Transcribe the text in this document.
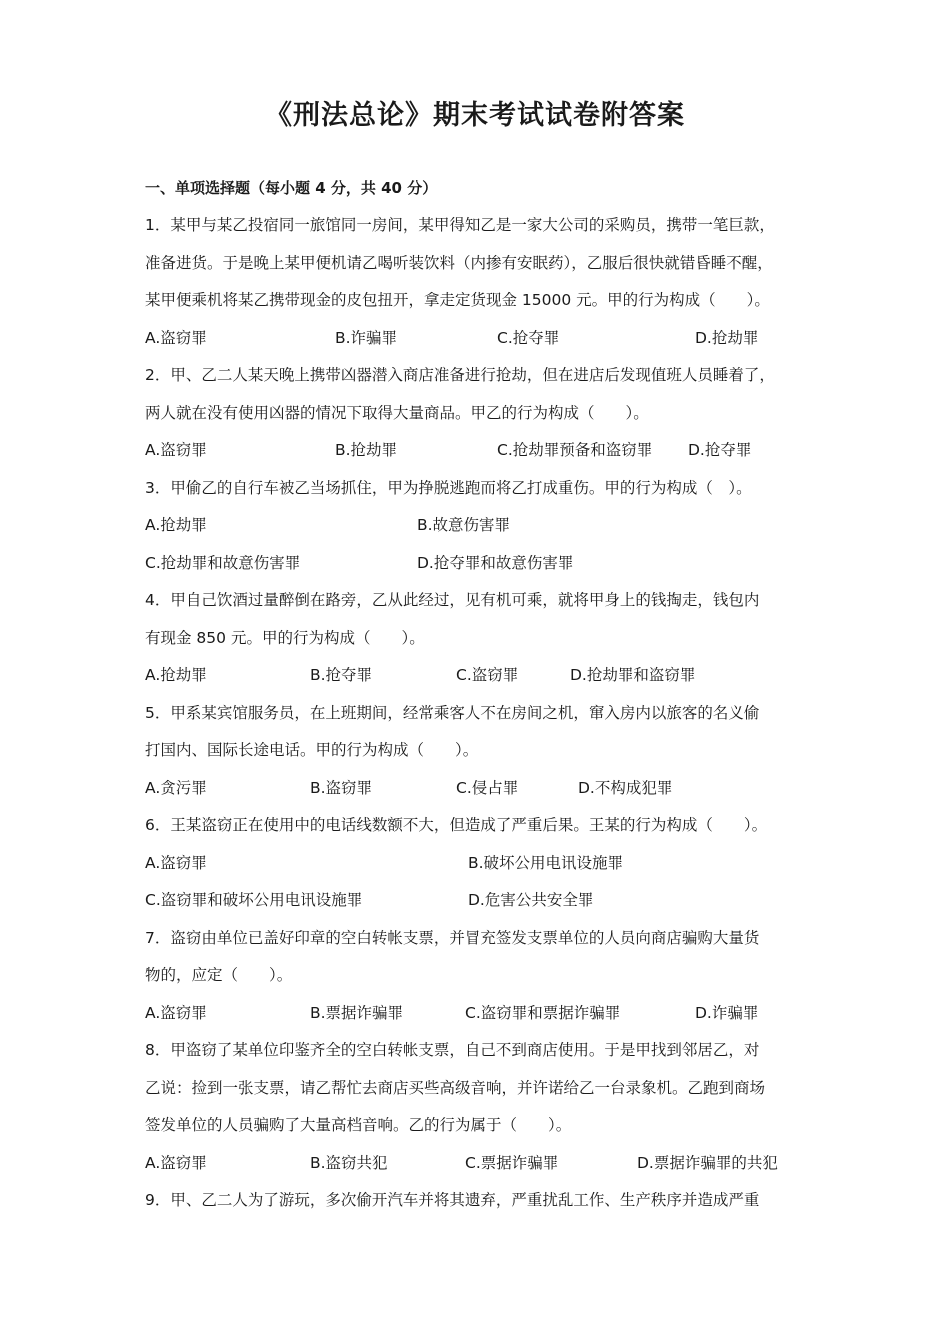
《刑法总论》期末考试试卷附答案
一、单项选择题（每小题 4 分，共 40 分）
1．某甲与某乙投宿同一旅馆同一房间，某甲得知乙是一家大公司的采购员，携带一笔巨款，
准备进货。于是晚上某甲便机请乙喝听装饮料（内掺有安眠药），乙服后很快就错昏睡不醒，
某甲便乘机将某乙携带现金的皮包扭开，拿走定货现金 15000 元。甲的行为构成（　　）。
A.盗窃罪	B.诈骗罪	C.抢夺罪	D.抢劫罪
2．甲、乙二人某天晚上携带凶器潜入商店准备进行抢劫，但在进店后发现值班人员睡着了，
两人就在没有使用凶器的情况下取得大量商品。甲乙的行为构成（　　）。
A.盗窃罪	B.抢劫罪	C.抢劫罪预备和盗窃罪 D.抢夺罪
3．甲偷乙的自行车被乙当场抓住，甲为挣脱逃跑而将乙打成重伤。甲的行为构成（　）。
A.抢劫罪	B.故意伤害罪
C.抢劫罪和故意伤害罪	D.抢夺罪和故意伤害罪
4．甲自己饮酒过量醉倒在路旁，乙从此经过，见有机可乘，就将甲身上的钱掏走，钱包内
有现金 850 元。甲的行为构成（　　）。
A.抢劫罪	B.抢夺罪	C.盗窃罪	D.抢劫罪和盗窃罪
5．甲系某宾馆服务员，在上班期间，经常乘客人不在房间之机，窜入房内以旅客的名义偷
打国内、国际长途电话。甲的行为构成（　　）。
A.贪污罪	B.盗窃罪	C.侵占罪	D.不构成犯罪
6．王某盗窃正在使用中的电话线数额不大，但造成了严重后果。王某的行为构成（　　）。
A.盗窃罪	B.破坏公用电讯设施罪
C.盗窃罪和破坏公用电讯设施罪	D.危害公共安全罪
7．盗窃由单位已盖好印章的空白转帐支票，并冒充签发支票单位的人员向商店骗购大量货
物的，应定（　　）。
A.盗窃罪	B.票据诈骗罪	C.盗窃罪和票据诈骗罪	D.诈骗罪
8．甲盗窃了某单位印鉴齐全的空白转帐支票，自己不到商店使用。于是甲找到邻居乙，对
乙说：捡到一张支票，请乙帮忙去商店买些高级音响，并许诺给乙一台录象机。乙跑到商场
签发单位的人员骗购了大量高档音响。乙的行为属于（　　）。
A.盗窃罪	B.盗窃共犯	C.票据诈骗罪	D.票据诈骗罪的共犯
9．甲、乙二人为了游玩，多次偷开汽车并将其遗弃，严重扰乱工作、生产秩序并造成严重
